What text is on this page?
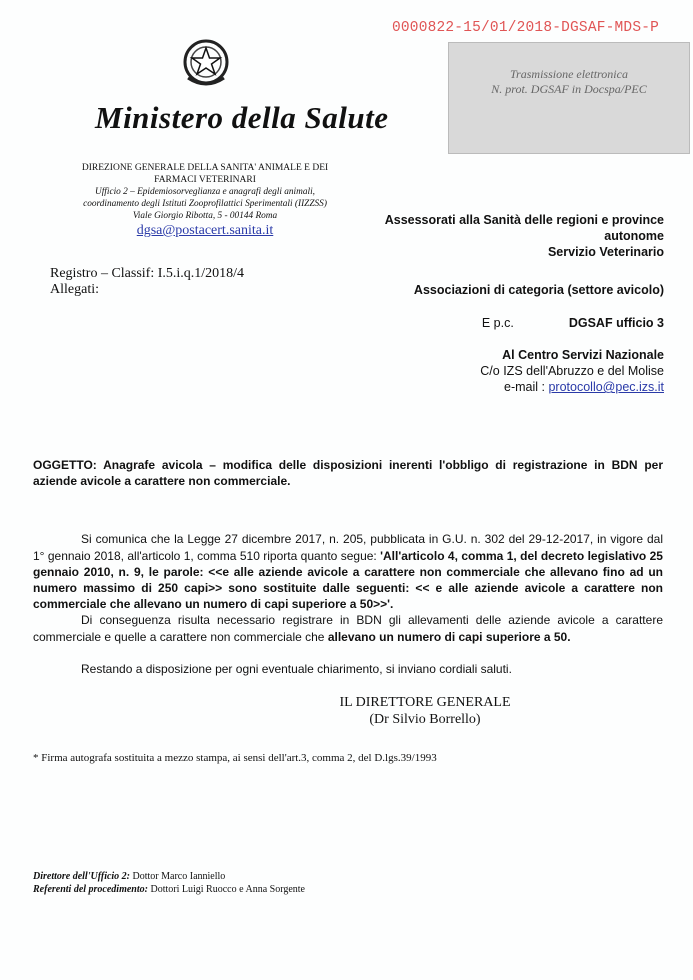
0000822-15/01/2018-DGSAF-MDS-P
Trasmissione elettronica
N. prot. DGSAF in Docspa/PEC
Ministero della Salute
DIREZIONE GENERALE DELLA SANITA' ANIMALE E DEI
FARMACI VETERINARI
Ufficio 2 – Epidemiosorveglianza e anagrafi degli animali,
coordinamento degli Istituti Zooprofilattici Sperimentali (IIZZSS)
Viale Giorgio Ribotta, 5 - 00144 Roma
dgsa@postacert.sanita.it
Registro – Classif: I.5.i.q.1/2018/4
Allegati:
Assessorati alla Sanità delle regioni e province
autonome
Servizio Veterinario
Associazioni di categoria (settore avicolo)
E p.c.	DGSAF ufficio 3
Al Centro Servizi Nazionale
C/o IZS dell'Abruzzo e del Molise
e-mail : protocollo@pec.izs.it

OGGETTO: Anagrafe avicola – modifica delle disposizioni inerenti l'obbligo di registrazione in BDN per aziende avicole a carattere non commerciale.

Si comunica che la Legge 27 dicembre 2017, n. 205, pubblicata in G.U. n. 302 del 29-12-2017, in vigore dal 1° gennaio 2018, all'articolo 1, comma 510 riporta quanto segue: 'All'articolo 4, comma 1, del decreto legislativo 25 gennaio 2010, n. 9, le parole: <<e alle aziende avicole a carattere non commerciale che allevano fino ad un numero massimo di 250 capi>> sono sostituite dalle seguenti: << e alle aziende avicole a carattere non commerciale che allevano un numero di capi superiore a 50>>'.

Di conseguenza risulta necessario registrare in BDN gli allevamenti delle aziende avicole a carattere commerciale e quelle a carattere non commerciale che allevano un numero di capi superiore a 50.

Restando a disposizione per ogni eventuale chiarimento, si inviano cordiali saluti.

IL DIRETTORE GENERALE
(Dr Silvio Borrello)
* Firma autografa sostituita a mezzo stampa, ai sensi dell'art.3, comma 2, del D.lgs.39/1993
Direttore dell'Ufficio 2: Dottor Marco Ianniello
Referenti del procedimento: Dottori Luigi Ruocco e Anna Sorgente
